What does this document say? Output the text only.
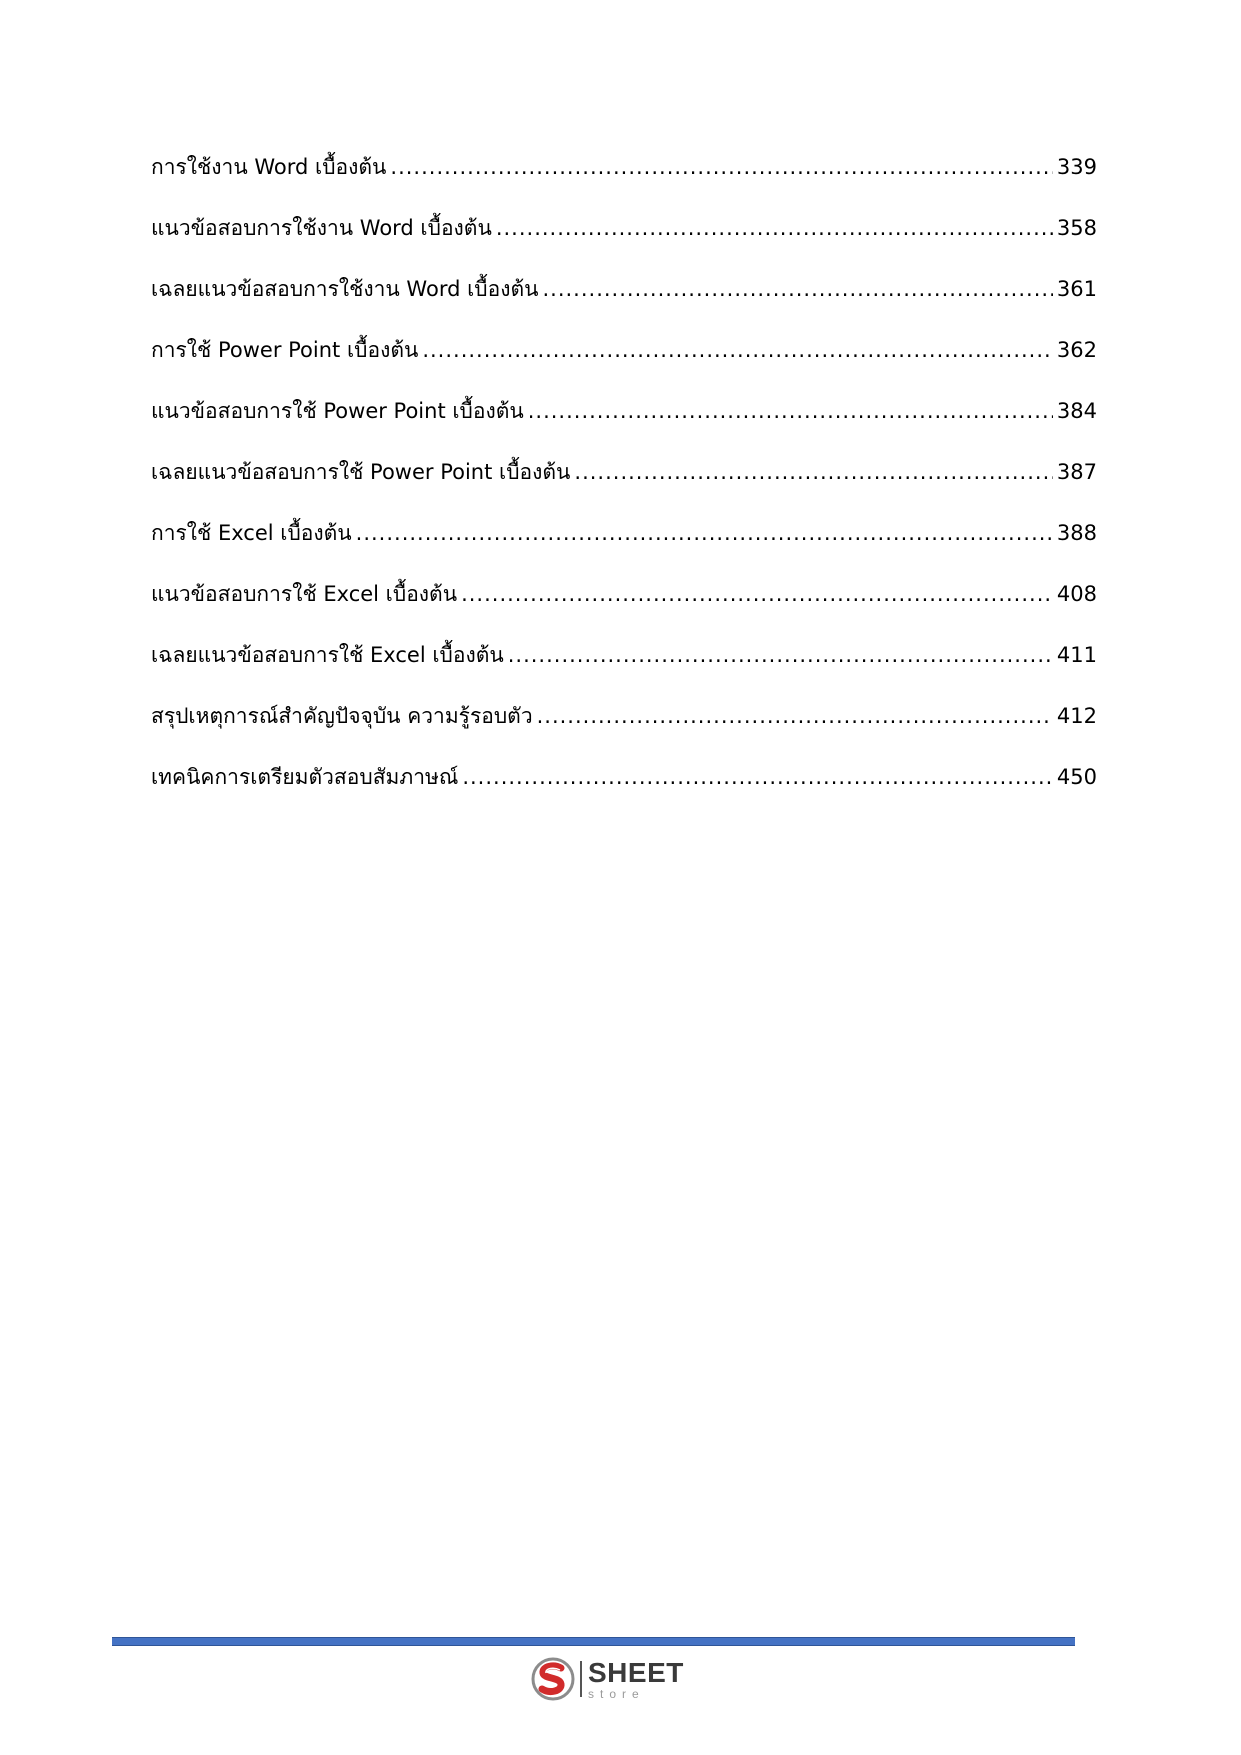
การใช้งาน Word เบื้องต้น .....	339
แนวข้อสอบการใช้งาน Word เบื้องต้น .....	358
เฉลยแนวข้อสอบการใช้งาน Word เบื้องต้น .....	361
การใช้ Power Point เบื้องต้น .....	362
แนวข้อสอบการใช้ Power Point เบื้องต้น .....	384
เฉลยแนวข้อสอบการใช้ Power Point เบื้องต้น .....	387
การใช้ Excel เบื้องต้น .....	388
แนวข้อสอบการใช้ Excel เบื้องต้น .....	408
เฉลยแนวข้อสอบการใช้ Excel เบื้องต้น .....	411
สรุปเหตุการณ์สำคัญปัจจุบัน ความรู้รอบตัว .....	412
เทคนิคการเตรียมตัวสอบสัมภาษณ์ .....	450
SHEET
store
